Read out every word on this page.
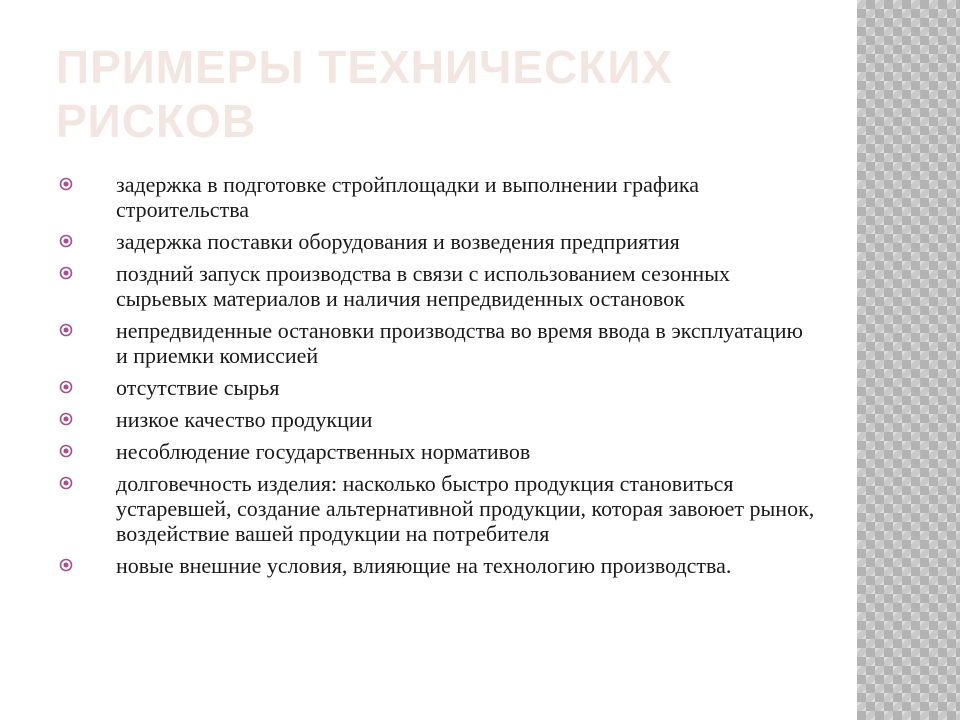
ПРИМЕРЫ ТЕХНИЧЕСКИХ РИСКОВ
задержка в подготовке стройплощадки и выполнении графика строительства
задержка поставки оборудования и возведения предприятия
поздний запуск производства в связи с использованием сезонных сырьевых материалов и наличия непредвиденных остановок
непредвиденные остановки производства во время ввода в эксплуатацию и приемки комиссией
отсутствие сырья
низкое качество продукции
несоблюдение государственных нормативов
долговечность изделия: насколько быстро продукция становиться устаревшей, создание альтернативной продукции, которая завоюет рынок, воздействие вашей продукции на потребителя
новые внешние условия, влияющие на технологию производства.
